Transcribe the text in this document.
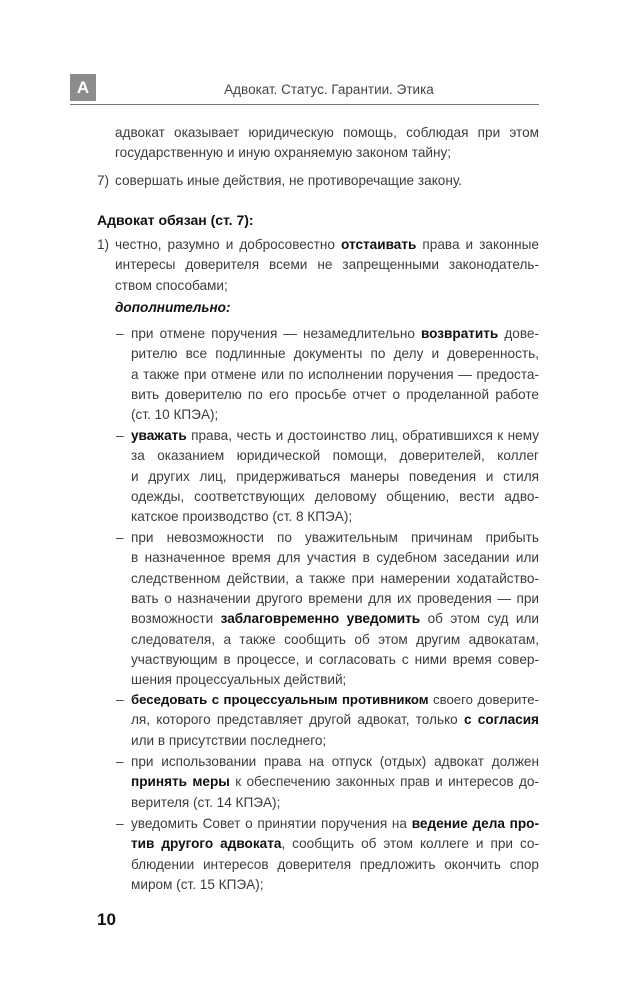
А	Адвокат. Статус. Гарантии. Этика
Адвокат обязан (ст. 7):
адвокат оказывает юридическую помощь, соблюдая при этом
государственную и иную охраняемую законом тайну;
7) совершать иные действия, не противоречащие закону.
1) честно, разумно и добросовестно отстаивать права и законные
интересы доверителя всеми не запрещенными законодатель-
ством способами;
дополнительно:
– при отмене поручения — незамедлительно возвратить дове-
рителю все подлинные документы по делу и доверенность,
а также при отмене или по исполнении поручения — предоста-
вить доверителю по его просьбе отчет о проделанной работе
(ст. 10 КПЭА);
– уважать права, честь и достоинство лиц, обратившихся к нему
за оказанием юридической помощи, доверителей, коллег
и других лиц, придерживаться манеры поведения и стиля
одежды, соответствующих деловому общению, вести адво-
катское производство (ст. 8 КПЭА);
– при невозможности по уважительным причинам прибыть
в назначенное время для участия в судебном заседании или
следственном действии, а также при намерении ходатайство-
вать о назначении другого времени для их проведения — при
возможности заблаговременно уведомить об этом суд или
следователя, а также сообщить об этом другим адвокатам,
участвующим в процессе, и согласовать с ними время совер-
шения процессуальных действий;
– беседовать с процессуальным противником своего доверите-
ля, которого представляет другой адвокат, только с согласия
или в присутствии последнего;
– при использовании права на отпуск (отдых) адвокат должен
принять меры к обеспечению законных прав и интересов до-
верителя (ст. 14 КПЭА);
– уведомить Совет о принятии поручения на ведение дела про-
тив другого адвоката, сообщить об этом коллеге и при со-
блюдении интересов доверителя предложить окончить спор
миром (ст. 15 КПЭА);
10
